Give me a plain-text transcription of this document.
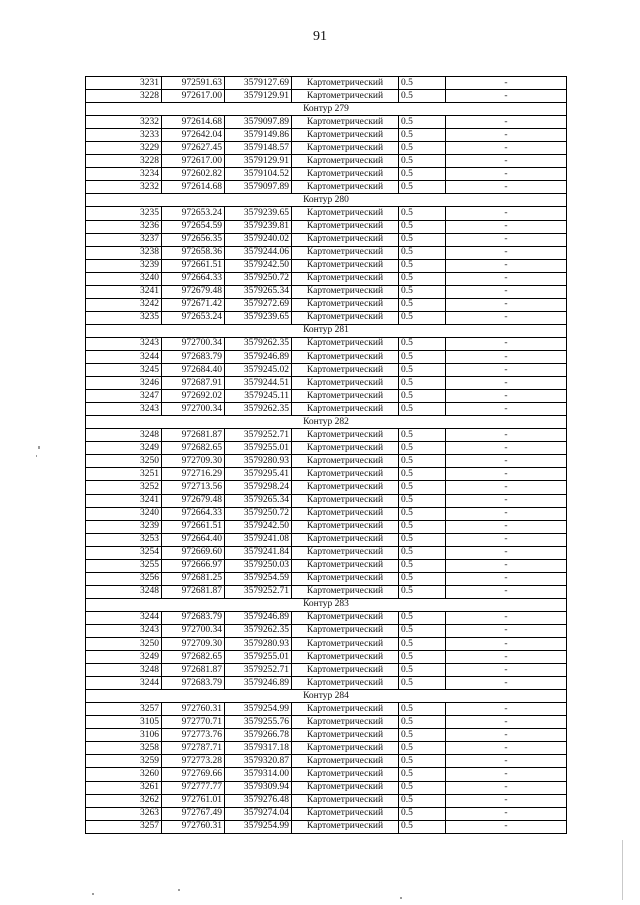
91
3231	972591.63	3579127.69	Картометрический	0.5	-
3228	972617.00	3579129.91	Картометрический	0.5	-
Контур 279					
3232	972614.68	3579097.89	Картометрический	0.5	-
3233	972642.04	3579149.86	Картометрический	0.5	-
3229	972627.45	3579148.57	Картометрический	0.5	-
3228	972617.00	3579129.91	Картометрический	0.5	-
3234	972602.82	3579104.52	Картометрический	0.5	-
3232	972614.68	3579097.89	Картометрический	0.5	-
Контур 280					
3235	972653.24	3579239.65	Картометрический	0.5	-
3236	972654.59	3579239.81	Картометрический	0.5	-
3237	972656.35	3579240.02	Картометрический	0.5	-
3238	972658.36	3579244.06	Картометрический	0.5	-
3239	972661.51	3579242.50	Картометрический	0.5	-
3240	972664.33	3579250.72	Картометрический	0.5	-
3241	972679.48	3579265.34	Картометрический	0.5	-
3242	972671.42	3579272.69	Картометрический	0.5	-
3235	972653.24	3579239.65	Картометрический	0.5	-
Контур 281					
3243	972700.34	3579262.35	Картометрический	0.5	-
3244	972683.79	3579246.89	Картометрический	0.5	-
3245	972684.40	3579245.02	Картометрический	0.5	-
3246	972687.91	3579244.51	Картометрический	0.5	-
3247	972692.02	3579245.11	Картометрический	0.5	-
3243	972700.34	3579262.35	Картометрический	0.5	-
Контур 282					
3248	972681.87	3579252.71	Картометрический	0.5	-
3249	972682.65	3579255.01	Картометрический	0.5	-
3250	972709.30	3579280.93	Картометрический	0.5	-
3251	972716.29	3579295.41	Картометрический	0.5	-
3252	972713.56	3579298.24	Картометрический	0.5	-
3241	972679.48	3579265.34	Картометрический	0.5	-
3240	972664.33	3579250.72	Картометрический	0.5	-
3239	972661.51	3579242.50	Картометрический	0.5	-
3253	972664.40	3579241.08	Картометрический	0.5	-
3254	972669.60	3579241.84	Картометрический	0.5	-
3255	972666.97	3579250.03	Картометрический	0.5	-
3256	972681.25	3579254.59	Картометрический	0.5	-
3248	972681.87	3579252.71	Картометрический	0.5	-
Контур 283					
3244	972683.79	3579246.89	Картометрический	0.5	-
3243	972700.34	3579262.35	Картометрический	0.5	-
3250	972709.30	3579280.93	Картометрический	0.5	-
3249	972682.65	3579255.01	Картометрический	0.5	-
3248	972681.87	3579252.71	Картометрический	0.5	-
3244	972683.79	3579246.89	Картометрический	0.5	-
Контур 284					
3257	972760.31	3579254.99	Картометрический	0.5	-
3105	972770.71	3579255.76	Картометрический	0.5	-
3106	972773.76	3579266.78	Картометрический	0.5	-
3258	972787.71	3579317.18	Картометрический	0.5	-
3259	972773.28	3579320.87	Картометрический	0.5	-
3260	972769.66	3579314.00	Картометрический	0.5	-
3261	972777.77	3579309.94	Картометрический	0.5	-
3262	972761.01	3579276.48	Картометрический	0.5	-
3263	972767.49	3579274.04	Картометрический	0.5	-
3257	972760.31	3579254.99	Картометрический	0.5	-
